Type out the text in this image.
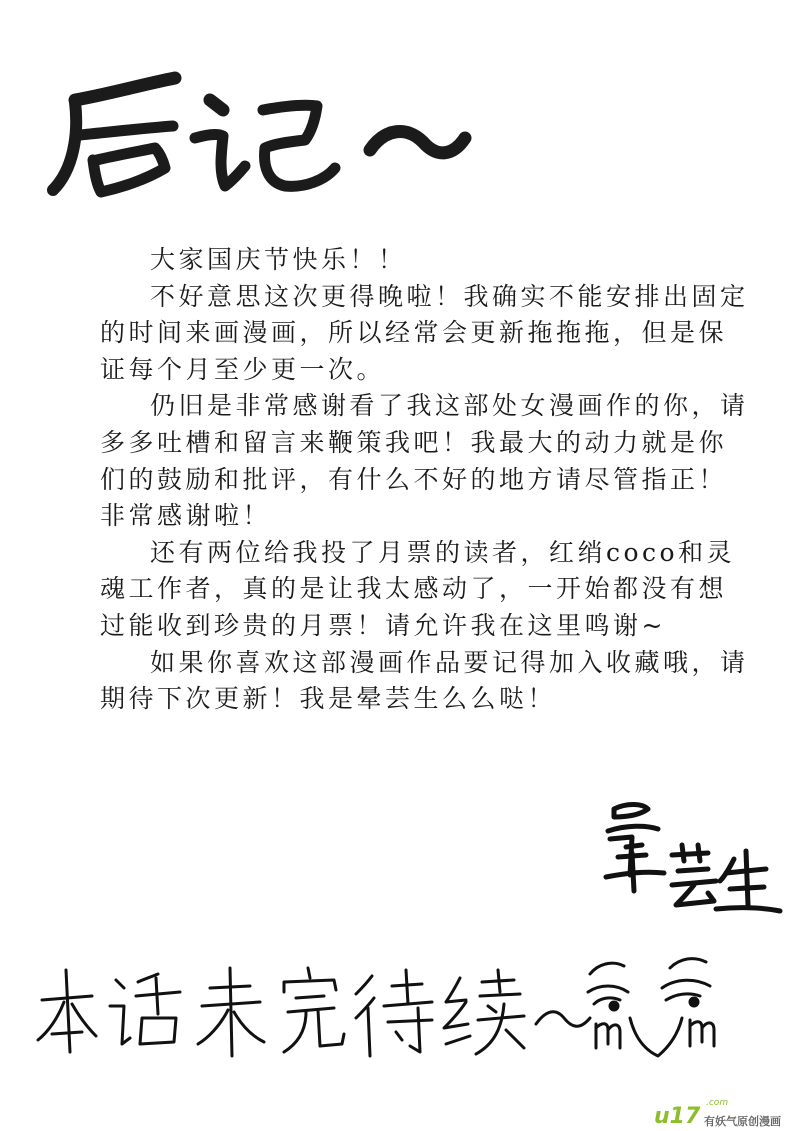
大家国庆节快乐！！

不好意思这次更得晚啦！我确实不能安排出固定的时间来画漫画，所以经常会更新拖拖拖，但是保证每个月至少更一次。

仍旧是非常感谢看了我这部处女漫画作的你，请多多吐槽和留言来鞭策我吧！我最大的动力就是你们的鼓励和批评，有什么不好的地方请尽管指正！非常感谢啦！

还有两位给我投了月票的读者，红绡coco和灵魂工作者，真的是让我太感动了，一开始都没有想过能收到珍贵的月票！请允许我在这里鸣谢~

如果你喜欢这部漫画作品要记得加入收藏哦，请期待下次更新！我是晕芸生么么哒！

u17
.com
有妖气原创漫画
